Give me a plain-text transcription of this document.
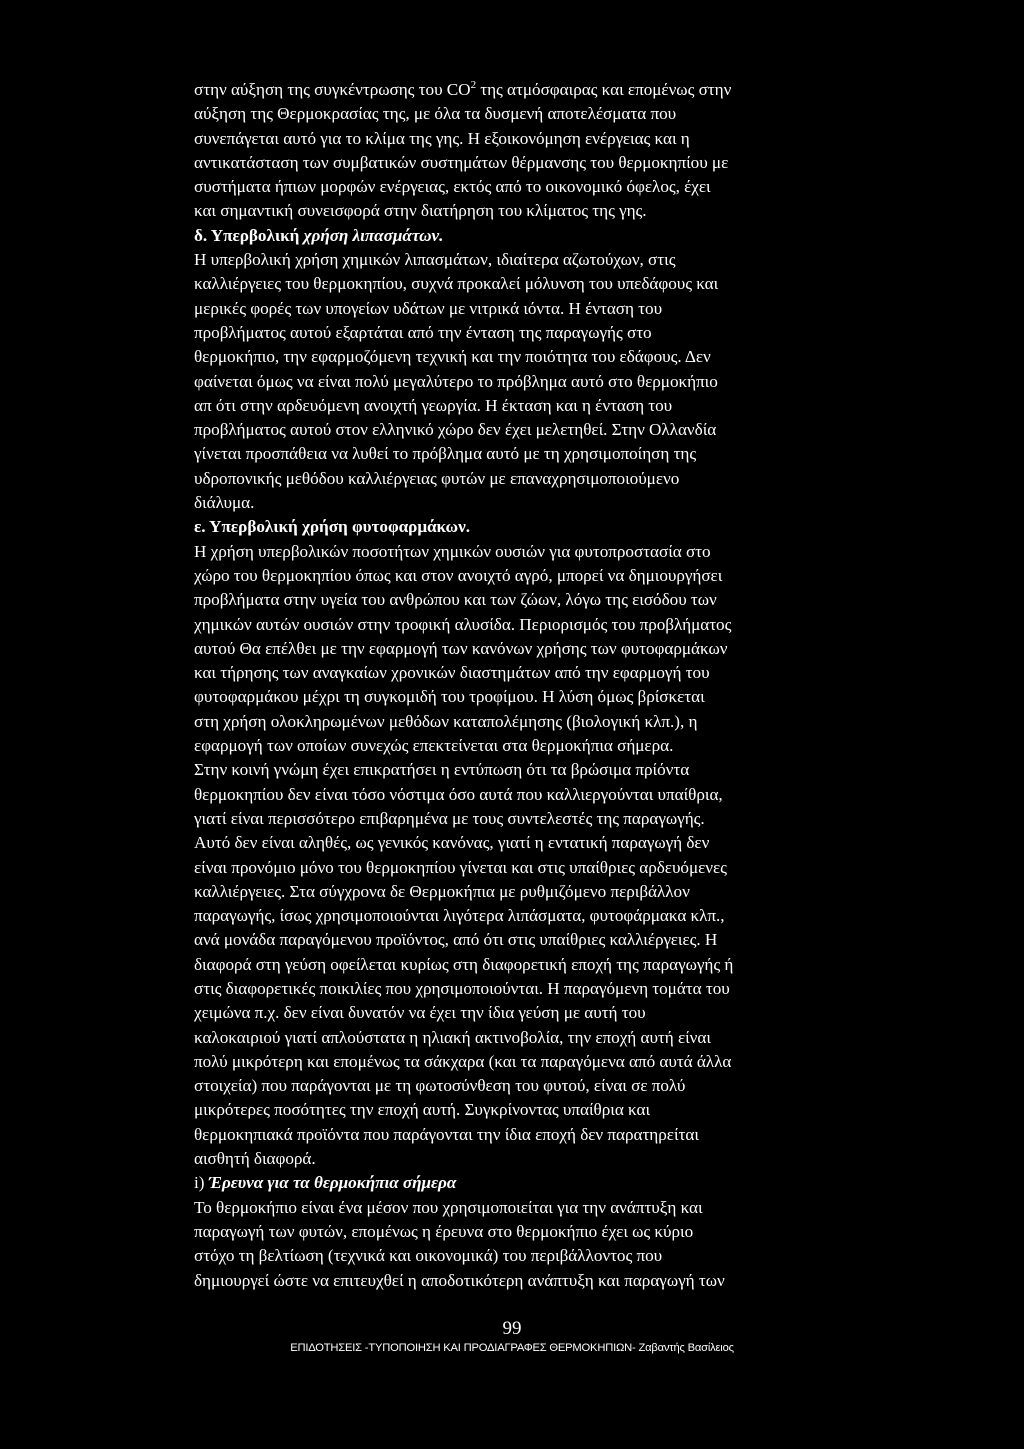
στην αύξηση της συγκέντρωσης του $CO^2$ της ατμόσφαιρας και επομένως στην
αύξηση της Θερμοκρασίας της, με όλα τα δυσμενή αποτελέσματα που
συνεπάγεται αυτό για το κλίμα της γης. Η εξοικονόμηση ενέργειας και η
αντικατάσταση των συμβατικών συστημάτων θέρμανσης του θερμοκηπίου με
συστήματα ήπιων μορφών ενέργειας, εκτός από το οικονομικό όφελος, έχει
και σημαντική συνεισφορά στην διατήρηση του κλίματος της γης.
δ. Υπερβολική χρήση λιπασμάτων.
Η υπερβολική χρήση χημικών λιπασμάτων, ιδιαίτερα αζωτούχων, στις
καλλιέργειες του θερμοκηπίου, συχνά προκαλεί μόλυνση του υπεδάφους και
μερικές φορές των υπογείων υδάτων με νιτρικά ιόντα. Η ένταση του
προβλήματος αυτού εξαρτάται από την ένταση της παραγωγής στο
θερμοκήπιο, την εφαρμοζόμενη τεχνική και την ποιότητα του εδάφους. Δεν
φαίνεται όμως να είναι πολύ μεγαλύτερο το πρόβλημα αυτό στο θερμοκήπιο
απ ότι στην αρδευόμενη ανοιχτή γεωργία. Η έκταση και η ένταση του
προβλήματος αυτού στον ελληνικό χώρο δεν έχει μελετηθεί. Στην Ολλανδία
γίνεται προσπάθεια να λυθεί το πρόβλημα αυτό με τη χρησιμοποίηση της
υδροπονικής μεθόδου καλλιέργειας φυτών με επαναχρησιμοποιούμενο
διάλυμα.
ε. Υπερβολική χρήση φυτοφαρμάκων.
Η χρήση υπερβολικών ποσοτήτων χημικών ουσιών για φυτοπροστασία στο
χώρο του θερμοκηπίου όπως και στον ανοιχτό αγρό, μπορεί να δημιουργήσει
προβλήματα στην υγεία του ανθρώπου και των ζώων, λόγω της εισόδου των
χημικών αυτών ουσιών στην τροφική αλυσίδα. Περιορισμός του προβλήματος
αυτού Θα επέλθει με την εφαρμογή των κανόνων χρήσης των φυτοφαρμάκων
και τήρησης των αναγκαίων χρονικών διαστημάτων από την εφαρμογή του
φυτοφαρμάκου μέχρι τη συγκομιδή του τροφίμου. Η λύση όμως βρίσκεται
στη χρήση ολοκληρωμένων μεθόδων καταπολέμησης (βιολογική κλπ.), η
εφαρμογή των οποίων συνεχώς επεκτείνεται στα θερμοκήπια σήμερα.
Στην κοινή γνώμη έχει επικρατήσει η εντύπωση ότι τα βρώσιμα πρίόντα
θερμοκηπίου δεν είναι τόσο νόστιμα όσο αυτά που καλλιεργούνται υπαίθρια,
γιατί είναι περισσότερο επιβαρημένα με τους συντελεστές της παραγωγής.
Αυτό δεν είναι αληθές, ως γενικός κανόνας, γιατί η εντατική παραγωγή δεν
είναι προνόμιο μόνο του θερμοκηπίου γίνεται και στις υπαίθριες αρδευόμενες
καλλιέργειες. Στα σύγχρονα δε Θερμοκήπια με ρυθμιζόμενο περιβάλλον
παραγωγής, ίσως χρησιμοποιούνται λιγότερα λιπάσματα, φυτοφάρμακα κλπ.,
ανά μονάδα παραγόμενου προϊόντος, από ότι στις υπαίθριες καλλιέργειες. Η
διαφορά στη γεύση οφείλεται κυρίως στη διαφορετική εποχή της παραγωγής ή
στις διαφορετικές ποικιλίες που χρησιμοποιούνται. Η παραγόμενη τομάτα του
χειμώνα π.χ. δεν είναι δυνατόν να έχει την ίδια γεύση με αυτή του
καλοκαιριού γιατί απλούστατα η ηλιακή ακτινοβολία, την εποχή αυτή είναι
πολύ μικρότερη και επομένως τα σάκχαρα (και τα παραγόμενα από αυτά άλλα
στοιχεία) που παράγονται με τη φωτοσύνθεση του φυτού, είναι σε πολύ
μικρότερες ποσότητες την εποχή αυτή. Συγκρίνοντας υπαίθρια και
θερμοκηπιακά προϊόντα που παράγονται την ίδια εποχή δεν παρατηρείται
αισθητή διαφορά.
i) Έρευνα για τα θερμοκήπια σήμερα
Το θερμοκήπιο είναι ένα μέσον που χρησιμοποιείται για την ανάπτυξη και
παραγωγή των φυτών, επομένως η έρευνα στο θερμοκήπιο έχει ως κύριο
στόχο τη βελτίωση (τεχνικά και οικονομικά) του περιβάλλοντος που
δημιουργεί ώστε να επιτευχθεί η αποδοτικότερη ανάπτυξη και παραγωγή των
99
ΕΠΙΔΟΤΗΣΕΙΣ -ΤΥΠΟΠΟΙΗΣΗ ΚΑΙ ΠΡΟΔΙΑΓΡΑΦΕΣ ΘΕΡΜΟΚΗΠΙΩΝ- Ζαβαντής Βασίλειος
